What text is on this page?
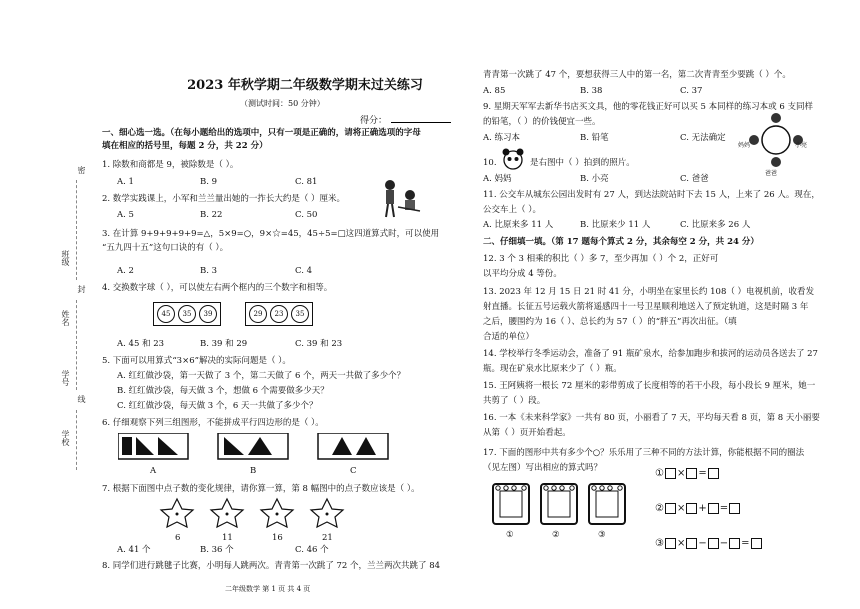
班级
姓名
学号
学校
密
封
线
2023 年秋学期二年级数学期末过关练习
（测试时间：50 分钟）
得分：
一、细心选一选。（在每小题给出的选项中，只有一项是正确的，请将正确选项的字母
填在相应的括号里，每题 2 分，共 22 分）
1. 除数和商都是 9，被除数是（ ）。
A. 1	B. 9	C. 81
2. 数学实践课上，小军和兰兰量出她的一拃长大约是（ ）厘米。
A. 5	B. 22	C. 50
3. 在计算 9+9+9+9+9=△，5×9=○，9×☆=45，45÷5=□这四道算式时，可以使用
“五九四十五”这句口诀的有（ ）。
A. 2	B. 3	C. 4
4. 交换数字球（ ），可以使左右两个框内的三个数字和相等。
45	35	39	29	23	35
A. 45 和 23	B. 39 和 29	C. 39 和 23
5. 下面可以用算式“3×6”解决的实际问题是（ ）。
A. 红红做沙袋，第一天做了 3 个，第二天做了 6 个，两天一共做了多少个？
B. 红红做沙袋，每天做 3 个，想做 6 个需要做多少天？
C. 红红做沙袋，每天做 3 个，6 天一共做了多少个？
6. 仔细观察下列三组图形，不能拼成平行四边形的是（ ）。
A	B	C
7. 根据下面图中点子数的变化规律，请你算一算，第 8 幅图中的点子数应该是（ ）。
6	11	16	21
A. 41 个	B. 36 个	C. 46 个
8. 同学们进行跳毽子比赛，小明每人跳两次。青青第一次跳了 72 个，兰兰两次共跳了 84
青青第一次跳了 47 个，要想获得三人中的第一名，第二次青青至少要跳（ ）个。
A. 85	B. 38	C. 37
9. 星期天军军去新华书店买文具，他的零花钱正好可以买 5 本同样的练习本或 6 支同样
的铅笔，（ ）的价钱便宜一些。
A. 练习本	B. 铅笔	C. 无法确定
妈妈	小亮
爸爸
10.	是右图中（ ）拍到的照片。
A. 妈妈	B. 小亮	C. 爸爸
11. 公交车从城东公园出发时有 27 人，到达法院站时下去 15 人，上来了 26 人。现在，
公交车上（ ）。
A. 比原来多 11 人	B. 比原来少 11 人	C. 比原来多 26 人
二、仔细填一填。（第 17 题每个算式 2 分，其余每空 2 分，共 24 分）
12. 3 个 3 相乘的积比（ ）多 7，至少再加（ ）个 2，正好可
以平均分成 4 等份。
13. 2023 年 12 月 15 日 21 时 41 分，小明坐在家里长约 108（ ）电视机前，收看发
射直播。长征五号运载火箭将遥感四十一号卫星顺利地送入了预定轨道，这是时隔 3 年
之后，腰围约为 16（ ）、总长约为 57（ ）的“胖五”再次出征。（填
合适的单位）
14. 学校举行冬季运动会，准备了 91 瓶矿泉水，给参加跑步和拔河的运动员各送去了 27
瓶。现在矿泉水比原来少了（ ）瓶。
15. 王阿姨将一根长 72 厘米的彩带剪成了长度相等的若干小段，每小段长 9 厘米，她一
共剪了（ ）段。
16. 一本《未来科学家》一共有 80 页，小丽看了 7 天，平均每天看 8 页，第 8 天小丽要
从第（ ）页开始看起。
17. 下面的图形中共有多少个○？乐乐用了三种不同的方法计算，你能根据不同的圈法
（见左图）写出相应的算式吗？
①	②	③
① × =
② × + =
③ × − − =
二年级数学 第 1 页 共 4 页
